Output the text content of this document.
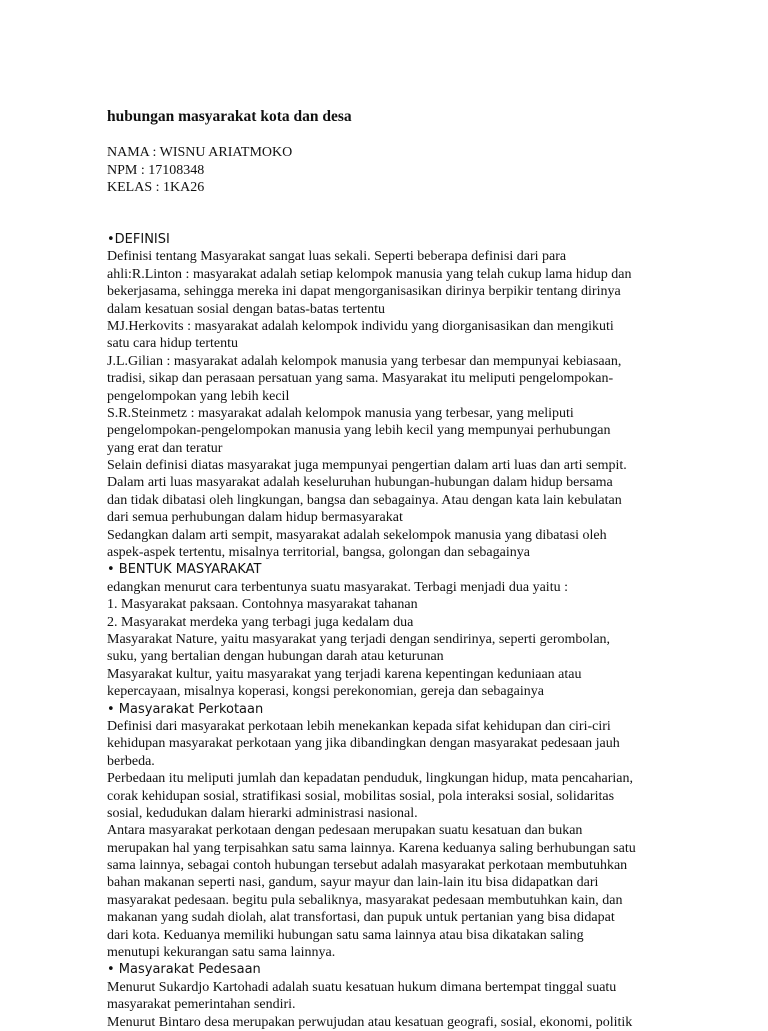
hubungan masyarakat kota dan desa
NAMA : WISNU ARIATMOKO
NPM : 17108348
KELAS : 1KA26
•DEFINISI
Definisi tentang Masyarakat sangat luas sekali. Seperti beberapa definisi dari para
ahli:R.Linton : masyarakat adalah setiap kelompok manusia yang telah cukup lama hidup dan
bekerjasama, sehingga mereka ini dapat mengorganisasikan dirinya berpikir tentang dirinya
dalam kesatuan sosial dengan batas-batas tertentu
MJ.Herkovits : masyarakat adalah kelompok individu yang diorganisasikan dan mengikuti
satu cara hidup tertentu
J.L.Gilian : masyarakat adalah kelompok manusia yang terbesar dan mempunyai kebiasaan,
tradisi, sikap dan perasaan persatuan yang sama. Masyarakat itu meliputi pengelompokan-
pengelompokan yang lebih kecil
S.R.Steinmetz : masyarakat adalah kelompok manusia yang terbesar, yang meliputi
pengelompokan-pengelompokan manusia yang lebih kecil yang mempunyai perhubungan
yang erat dan teratur
Selain definisi diatas masyarakat juga mempunyai pengertian dalam arti luas dan arti sempit.
Dalam arti luas masyarakat adalah keseluruhan hubungan-hubungan dalam hidup bersama
dan tidak dibatasi oleh lingkungan, bangsa dan sebagainya. Atau dengan kata lain kebulatan
dari semua perhubungan dalam hidup bermasyarakat
Sedangkan dalam arti sempit, masyarakat adalah sekelompok manusia yang dibatasi oleh
aspek-aspek tertentu, misalnya territorial, bangsa, golongan dan sebagainya
• BENTUK MASYARAKAT
edangkan menurut cara terbentunya suatu masyarakat. Terbagi menjadi dua yaitu :
1. Masyarakat paksaan. Contohnya masyarakat tahanan
2. Masyarakat merdeka yang terbagi juga kedalam dua
Masyarakat Nature, yaitu masyarakat yang terjadi dengan sendirinya, seperti gerombolan,
suku, yang bertalian dengan hubungan darah atau keturunan
Masyarakat kultur, yaitu masyarakat yang terjadi karena kepentingan keduniaan atau
kepercayaan, misalnya koperasi, kongsi perekonomian, gereja dan sebagainya
• Masyarakat Perkotaan
Definisi dari masyarakat perkotaan lebih menekankan kepada sifat kehidupan dan ciri-ciri
kehidupan masyarakat perkotaan yang jika dibandingkan dengan masyarakat pedesaan jauh
berbeda.
Perbedaan itu meliputi jumlah dan kepadatan penduduk, lingkungan hidup, mata pencaharian,
corak kehidupan sosial, stratifikasi sosial, mobilitas sosial, pola interaksi sosial, solidaritas
sosial, kedudukan dalam hierarki administrasi nasional.
Antara masyarakat perkotaan dengan pedesaan merupakan suatu kesatuan dan bukan
merupakan hal yang terpisahkan satu sama lainnya. Karena keduanya saling berhubungan satu
sama lainnya, sebagai contoh hubungan tersebut adalah masyarakat perkotaan membutuhkan
bahan makanan seperti nasi, gandum, sayur mayur dan lain-lain itu bisa didapatkan dari
masyarakat pedesaan. begitu pula sebaliknya, masyarakat pedesaan membutuhkan kain, dan
makanan yang sudah diolah, alat transfortasi, dan pupuk untuk pertanian yang bisa didapat
dari kota. Keduanya memiliki hubungan satu sama lainnya atau bisa dikatakan saling
menutupi kekurangan satu sama lainnya.
• Masyarakat Pedesaan
Menurut Sukardjo Kartohadi adalah suatu kesatuan hukum dimana bertempat tinggal suatu
masyarakat pemerintahan sendiri.
Menurut Bintaro desa merupakan perwujudan atau kesatuan geografi, sosial, ekonomi, politik
